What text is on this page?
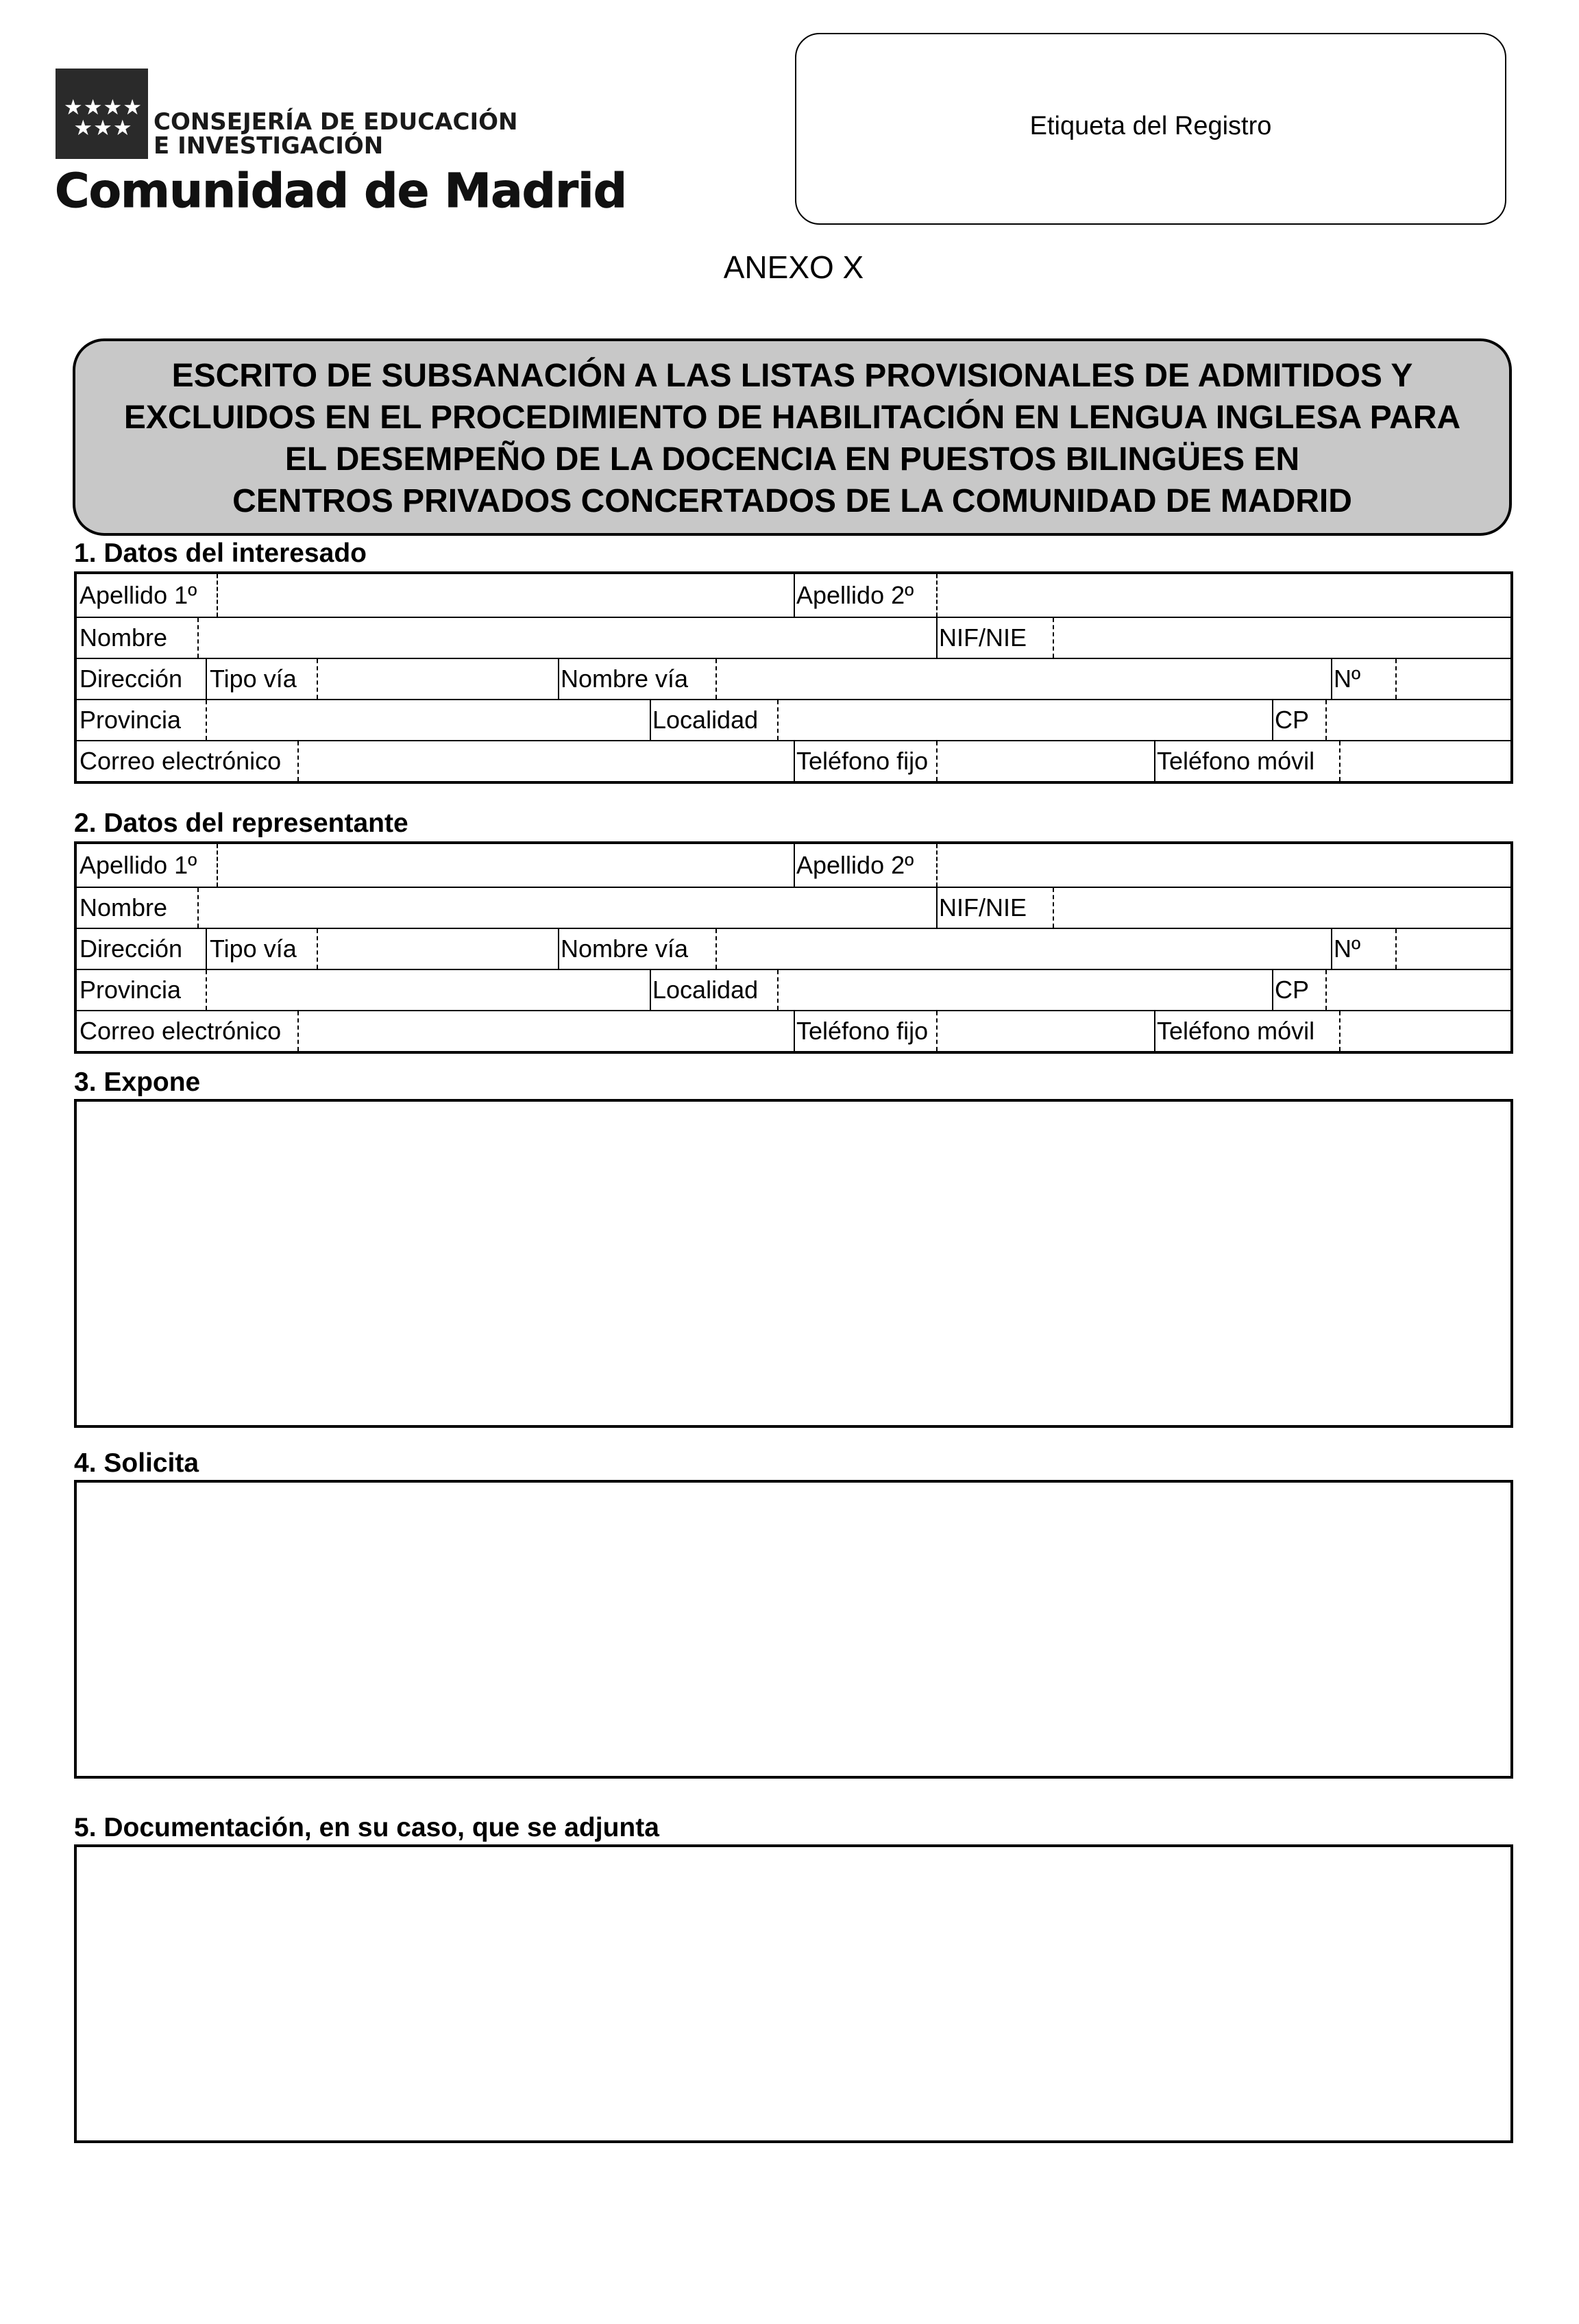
★★★★
★★★ CONSEJERÍA DE EDUCACIÓN
E INVESTIGACIÓN
Comunidad de Madrid
Etiqueta del Registro
ANEXO X
ESCRITO DE SUBSANACIÓN A LAS LISTAS PROVISIONALES DE ADMITIDOS Y
EXCLUIDOS EN EL PROCEDIMIENTO DE HABILITACIÓN EN LENGUA INGLESA PARA
EL DESEMPEÑO DE LA DOCENCIA EN PUESTOS BILINGÜES EN
CENTROS PRIVADOS CONCERTADOS DE LA COMUNIDAD DE MADRID
1. Datos del interesado
Apellido 1º	Apellido 2º
Nombre	NIF/NIE
Dirección Tipo vía	Nombre vía	Nº
Provincia	Localidad	CP
Correo electrónico	Teléfono fijo	Teléfono móvil
2. Datos del representante
Apellido 1º	Apellido 2º
Nombre	NIF/NIE
Dirección Tipo vía	Nombre vía	Nº
Provincia	Localidad	CP
Correo electrónico	Teléfono fijo	Teléfono móvil
3. Expone
4. Solicita
5. Documentación, en su caso, que se adjunta
